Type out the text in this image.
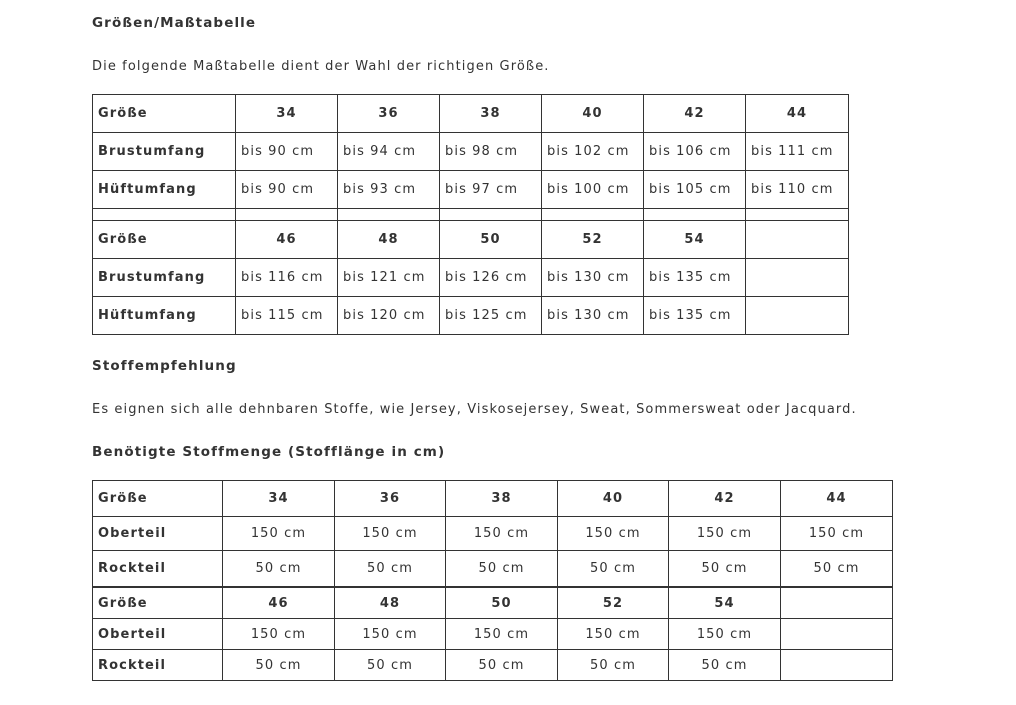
Größen/Maßtabelle
Die folgende Maßtabelle dient der Wahl der richtigen Größe.
Größe	34	36	38	40	42	44
Brustumfang	bis 90 cm	bis 94 cm	bis 98 cm	bis 102 cm	bis 106 cm	bis 111 cm
Hüftumfang	bis 90 cm	bis 93 cm	bis 97 cm	bis 100 cm	bis 105 cm	bis 110 cm

Größe	46	48	50	52	54	
Brustumfang	bis 116 cm	bis 121 cm	bis 126 cm	bis 130 cm	bis 135 cm	
Hüftumfang	bis 115 cm	bis 120 cm	bis 125 cm	bis 130 cm	bis 135 cm	
Stoffempfehlung
Es eignen sich alle dehnbaren Stoffe, wie Jersey, Viskosejersey, Sweat, Sommersweat oder Jacquard.
Benötigte Stoffmenge (Stofflänge in cm)
Größe	34	36	38	40	42	44
Oberteil	150 cm	150 cm	150 cm	150 cm	150 cm	150 cm
Rockteil	50 cm	50 cm	50 cm	50 cm	50 cm	50 cm
Größe	46	48	50	52	54	
Oberteil	150 cm	150 cm	150 cm	150 cm	150 cm	
Rockteil	50 cm	50 cm	50 cm	50 cm	50 cm	
